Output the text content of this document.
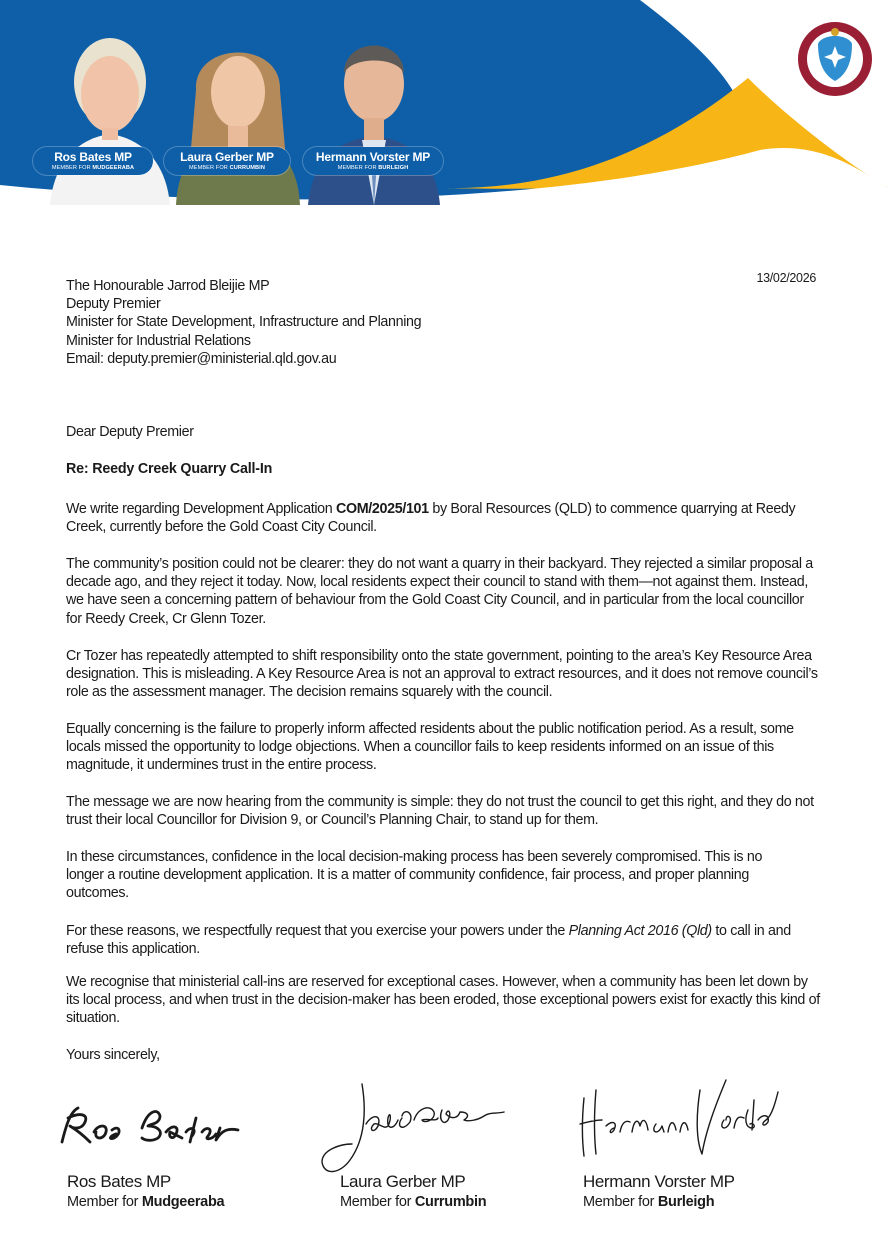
Ros Bates MP
MEMBER FOR MUDGEERABA
Laura Gerber MP
MEMBER FOR CURRUMBIN
Hermann Vorster MP
MEMBER FOR BURLEIGH
13/02/2026
The Honourable Jarrod Bleijie MP
Deputy Premier
Minister for State Development, Infrastructure and Planning
Minister for Industrial Relations
Email: deputy.premier@ministerial.qld.gov.au
Dear Deputy Premier
Re: Reedy Creek Quarry Call-In
We write regarding Development Application COM/2025/101 by Boral Resources (QLD) to commence quarrying at Reedy Creek, currently before the Gold Coast City Council.
The community’s position could not be clearer: they do not want a quarry in their backyard. They rejected a similar proposal a decade ago, and they reject it today. Now, local residents expect their council to stand with them—not against them. Instead, we have seen a concerning pattern of behaviour from the Gold Coast City Council, and in particular from the local councillor for Reedy Creek, Cr Glenn Tozer.
Cr Tozer has repeatedly attempted to shift responsibility onto the state government, pointing to the area’s Key Resource Area designation. This is misleading. A Key Resource Area is not an approval to extract resources, and it does not remove council’s role as the assessment manager. The decision remains squarely with the council.
Equally concerning is the failure to properly inform affected residents about the public notification period. As a result, some locals missed the opportunity to lodge objections. When a councillor fails to keep residents informed on an issue of this magnitude, it undermines trust in the entire process.
The message we are now hearing from the community is simple: they do not trust the council to get this right, and they do not trust their local Councillor for Division 9, or Council’s Planning Chair, to stand up for them.
In these circumstances, confidence in the local decision-making process has been severely compromised. This is no longer a routine development application. It is a matter of community confidence, fair process, and proper planning outcomes.
For these reasons, we respectfully request that you exercise your powers under the Planning Act 2016 (Qld) to call in and refuse this application.
We recognise that ministerial call-ins are reserved for exceptional cases. However, when a community has been let down by its local process, and when trust in the decision-maker has been eroded, those exceptional powers exist for exactly this kind of situation.
Yours sincerely,
Ros Bates MP
Member for Mudgeeraba
Laura Gerber MP
Member for Currumbin
Hermann Vorster MP
Member for Burleigh
